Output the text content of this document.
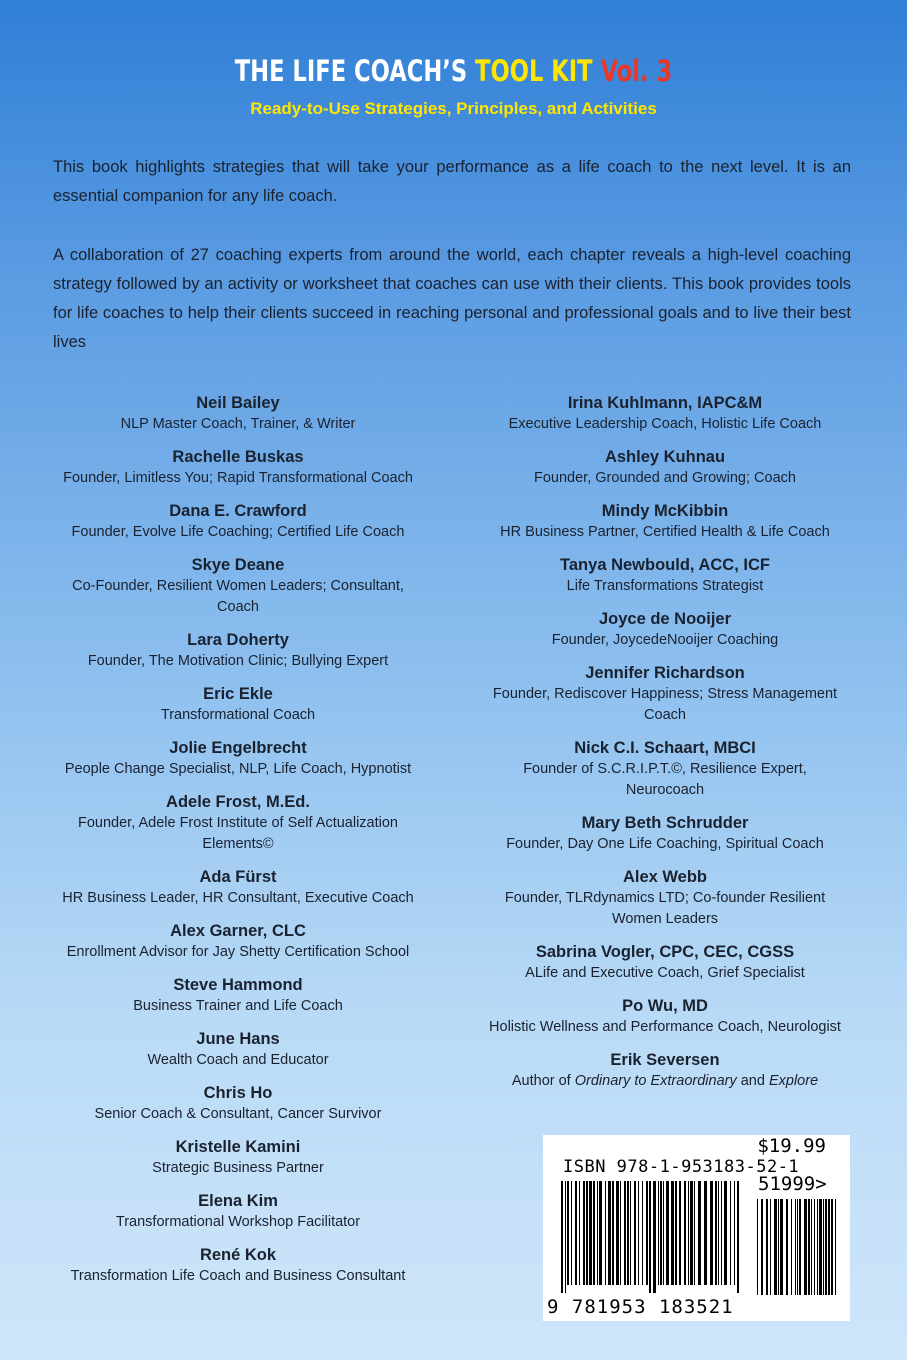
THE LIFE COACH’S TOOL KIT Vol. 3
Ready-to-Use Strategies, Principles, and Activities
This book highlights strategies that will take your performance as a life coach to the next level. It is an essential companion for any life coach.
A collaboration of 27 coaching experts from around the world, each chapter reveals a high-level coaching strategy followed by an activity or worksheet that coaches can use with their clients. This book provides tools for life coaches to help their clients succeed in reaching personal and professional goals and to live their best lives
Neil Bailey
NLP Master Coach, Trainer, & Writer
Rachelle Buskas
Founder, Limitless You; Rapid Transformational Coach
Dana E. Crawford
Founder, Evolve Life Coaching; Certified Life Coach
Skye Deane
Co-Founder, Resilient Women Leaders; Consultant, Coach
Lara Doherty
Founder, The Motivation Clinic; Bullying Expert
Eric Ekle
Transformational Coach
Jolie Engelbrecht
People Change Specialist, NLP, Life Coach, Hypnotist
Adele Frost, M.Ed.
Founder, Adele Frost Institute of Self Actualization Elements©
Ada Fürst
HR Business Leader, HR Consultant, Executive Coach
Alex Garner, CLC
Enrollment Advisor for Jay Shetty Certification School
Steve Hammond
Business Trainer and Life Coach
June Hans
Wealth Coach and Educator
Chris Ho
Senior Coach & Consultant, Cancer Survivor
Kristelle Kamini
Strategic Business Partner
Elena Kim
Transformational Workshop Facilitator
René Kok
Transformation Life Coach and Business Consultant
Irina Kuhlmann, IAPC&M
Executive Leadership Coach, Holistic Life Coach
Ashley Kuhnau
Founder, Grounded and Growing; Coach
Mindy McKibbin
HR Business Partner, Certified Health & Life Coach
Tanya Newbould, ACC, ICF
Life Transformations Strategist
Joyce de Nooijer
Founder, JoycedeNooijer Coaching
Jennifer Richardson
Founder, Rediscover Happiness; Stress Management Coach
Nick C.I. Schaart, MBCI
Founder of S.C.R.I.P.T.©, Resilience Expert, Neurocoach
Mary Beth Schrudder
Founder, Day One Life Coaching, Spiritual Coach
Alex Webb
Founder, TLRdynamics LTD; Co-founder Resilient Women Leaders
Sabrina Vogler, CPC, CEC, CGSS
ALife and Executive Coach, Grief Specialist
Po Wu, MD
Holistic Wellness and Performance Coach, Neurologist
Erik Seversen
Author of Ordinary to Extraordinary and Explore
$19.99
ISBN 978-1-953183-52-1
51999>
9 781953 183521
